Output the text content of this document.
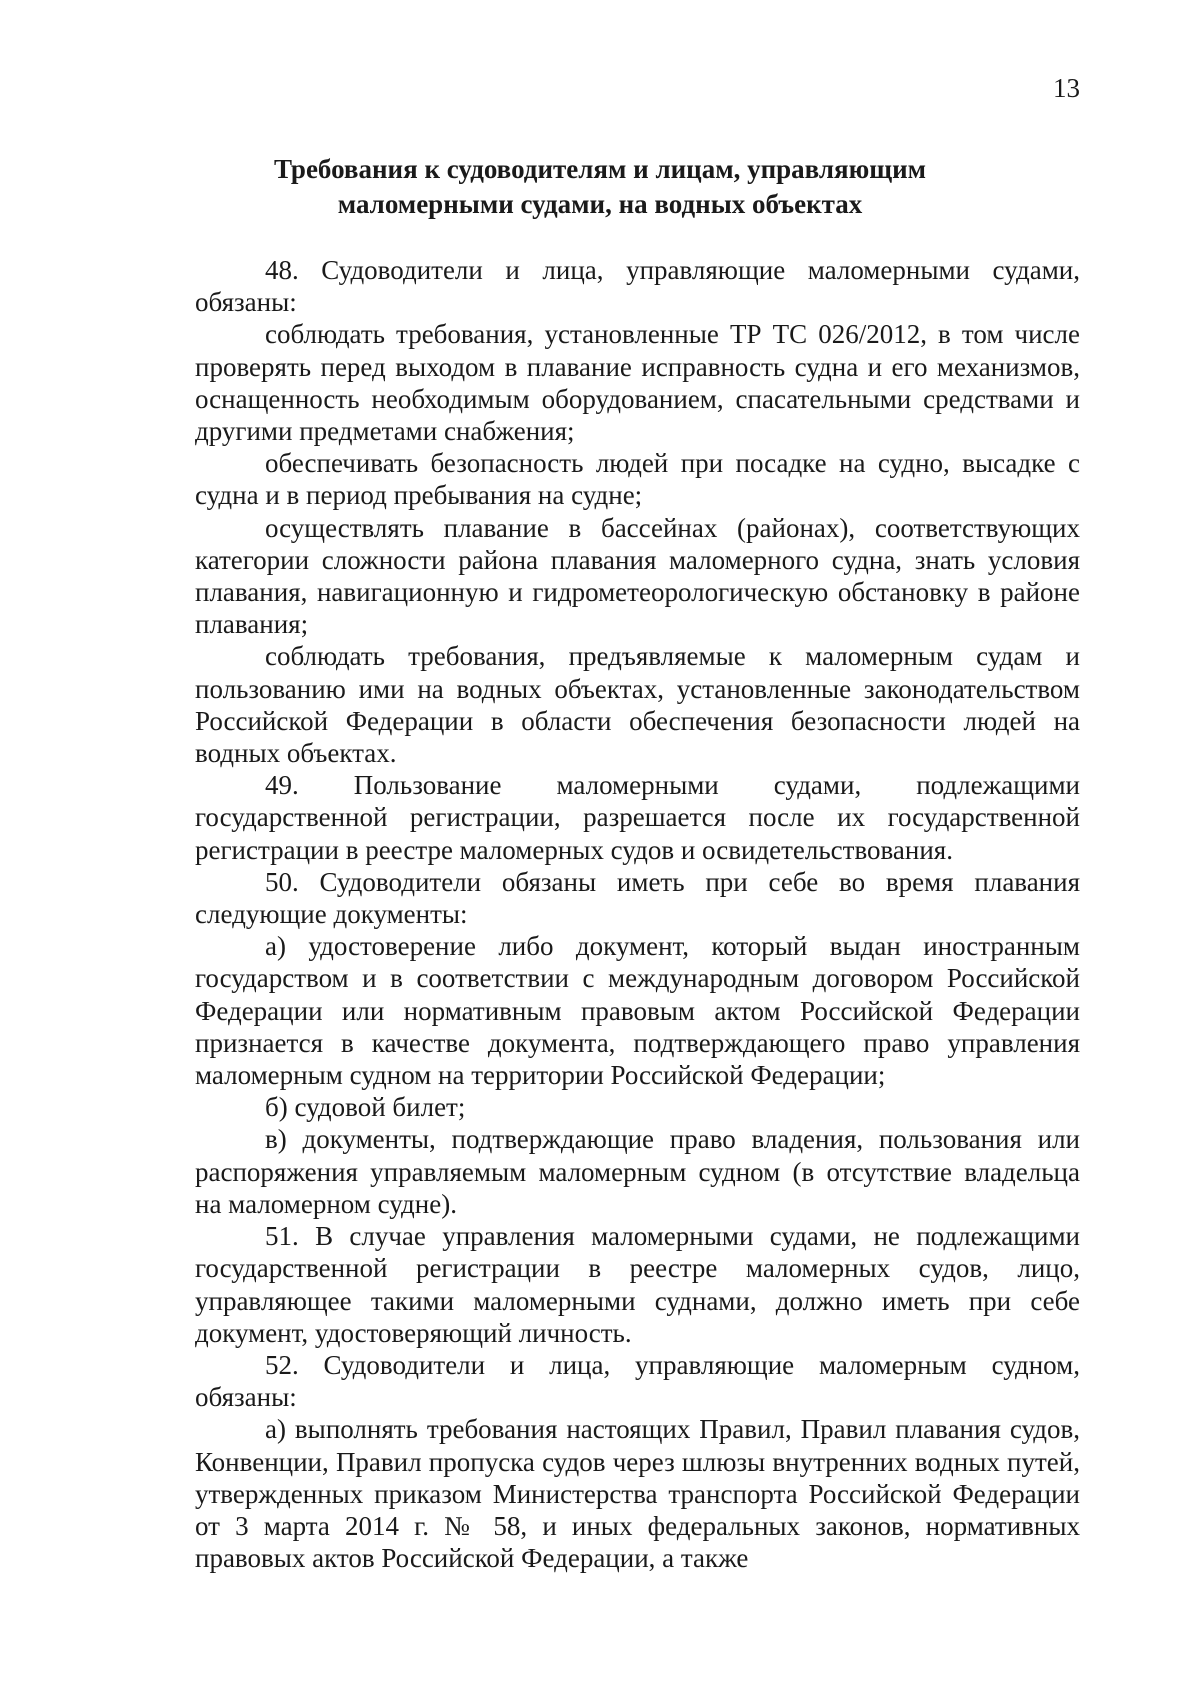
13
Требования к судоводителям и лицам, управляющим
маломерными судами, на водных объектах

48. Судоводители и лица, управляющие маломерными судами, обязаны:

соблюдать требования, установленные ТР ТС 026/2012, в том числе проверять перед выходом в плавание исправность судна и его механизмов, оснащенность необходимым оборудованием, спасательными средствами и другими предметами снабжения;

обеспечивать безопасность людей при посадке на судно, высадке с судна и в период пребывания на судне;

осуществлять плавание в бассейнах (районах), соответствующих категории сложности района плавания маломерного судна, знать условия плавания, навигационную и гидрометеорологическую обстановку в районе плавания;

соблюдать требования, предъявляемые к маломерным судам и пользованию ими на водных объектах, установленные законодательством Российской Федерации в области обеспечения безопасности людей на водных объектах.

49. Пользование маломерными судами, подлежащими государственной регистрации, разрешается после их государственной регистрации в реестре маломерных судов и освидетельствования.

50. Судоводители обязаны иметь при себе во время плавания следующие документы:

а) удостоверение либо документ, который выдан иностранным государством и в соответствии с международным договором Российской Федерации или нормативным правовым актом Российской Федерации признается в качестве документа, подтверждающего право управления маломерным судном на территории Российской Федерации;

б) судовой билет;

в) документы, подтверждающие право владения, пользования или распоряжения управляемым маломерным судном (в отсутствие владельца на маломерном судне).

51. В случае управления маломерными судами, не подлежащими государственной регистрации в реестре маломерных судов, лицо, управляющее такими маломерными суднами, должно иметь при себе документ, удостоверяющий личность.

52. Судоводители и лица, управляющие маломерным судном, обязаны:

а) выполнять требования настоящих Правил, Правил плавания судов, Конвенции, Правил пропуска судов через шлюзы внутренних водных путей, утвержденных приказом Министерства транспорта Российской Федерации от 3 марта 2014 г. № 58, и иных федеральных законов, нормативных правовых актов Российской Федерации, а также
